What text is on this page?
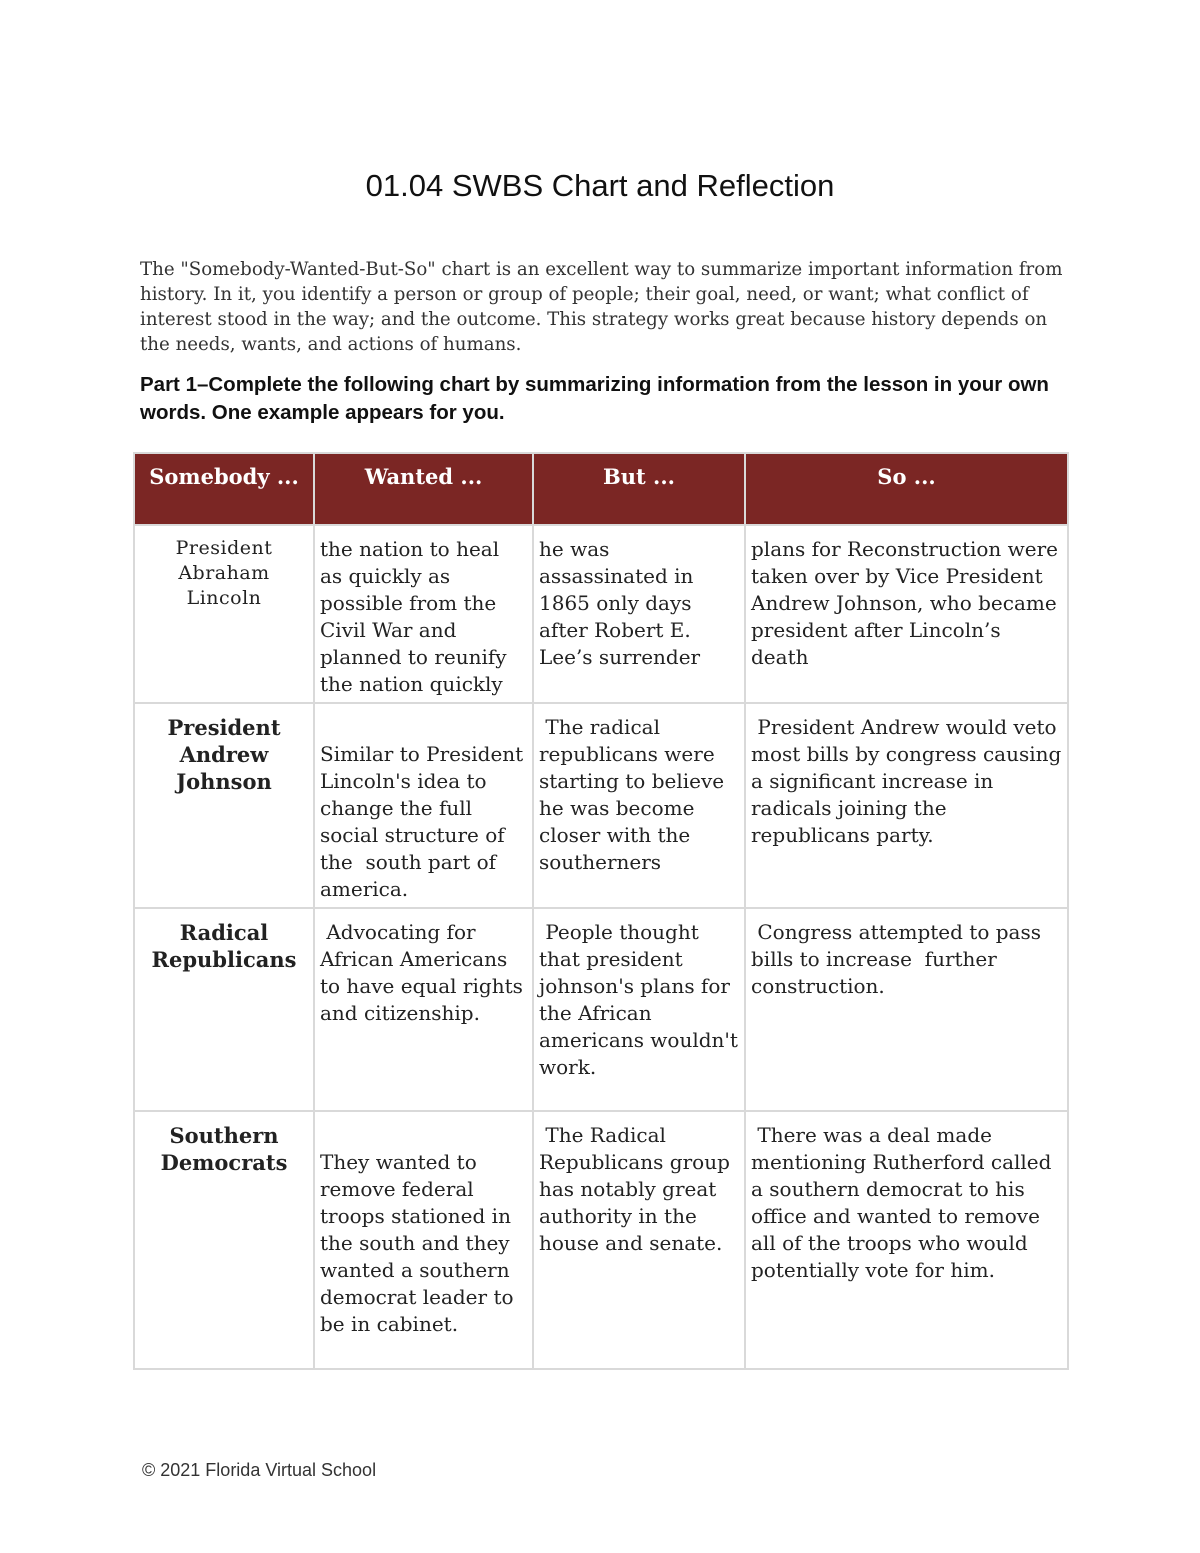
01.04 SWBS Chart and Reflection

The "Somebody-Wanted-But-So" chart is an excellent way to summarize important information from history. In it, you identify a person or group of people; their goal, need, or want; what conflict of interest stood in the way; and the outcome. This strategy works great because history depends on the needs, wants, and actions of humans.

Part 1–Complete the following chart by summarizing information from the lesson in your own words. One example appears for you.

Somebody ...	Wanted ...	But ...	So ...
President Abraham Lincoln	the nation to heal as quickly as possible from the Civil War and planned to reunify the nation quickly	he was assassinated in 1865 only days after Robert E. Lee’s surrender	plans for Reconstruction were taken over by Vice President Andrew Johnson, who became president after Lincoln’s death
President Andrew Johnson	Similar to President Lincoln's idea to change the full social structure of the  south part of america.	The radical republicans were starting to believe he was become closer with the southerners	President Andrew would veto most bills by congress causing a significant increase in radicals joining the republicans party.
Radical Republicans	Advocating for African Americans to have equal rights and citizenship.	People thought that president johnson's plans for the African americans wouldn't work.	Congress attempted to pass bills to increase  further construction.
Southern Democrats	They wanted to remove federal troops stationed in the south and they wanted a southern democrat leader to be in cabinet.	The Radical Republicans group has notably great authority in the house and senate.	There was a deal made mentioning Rutherford called a southern democrat to his office and wanted to remove all of the troops who would potentially vote for him.
© 2021 Florida Virtual School
